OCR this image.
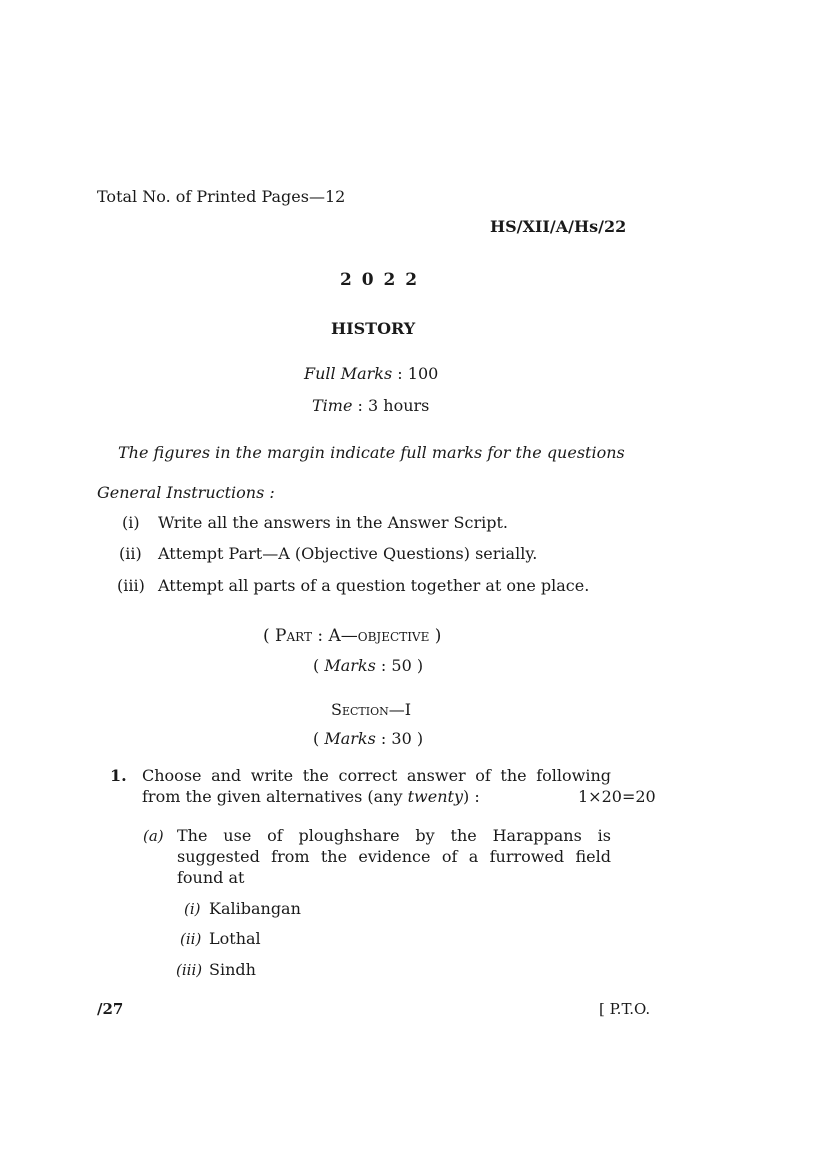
Total No. of Printed Pages—12
HS/XII/A/Hs/22
2 0 2 2
HISTORY
Full Marks : 100
Time : 3 hours
The figures in the margin indicate full marks for the questions
General Instructions :
(i) Write all the answers in the Answer Script.
(ii) Attempt Part—A (Objective Questions) serially.
(iii) Attempt all parts of a question together at one place.
( Part : A—objective )
( Marks : 50 )
Section—I
( Marks : 30 )
1. Choose and write the correct answer of the following
from the given alternatives (any twenty) :	1×20=20
(a) The use of ploughshare by the Harappans is
suggested from the evidence of a furrowed field
found at
(i) Kalibangan
(ii) Lothal
(iii) Sindh
/27	[ P.T.O.
